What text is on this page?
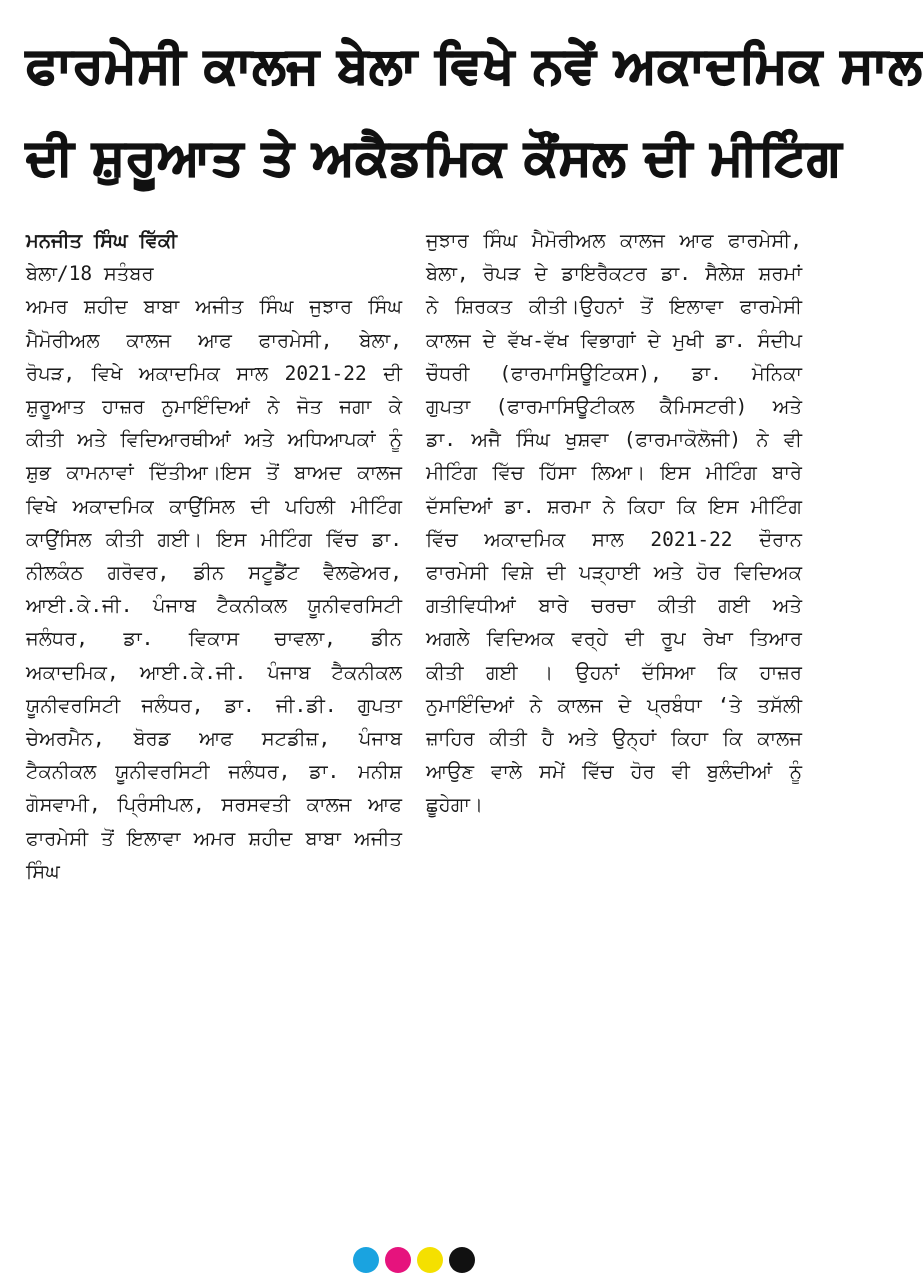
ਫਾਰਮੇਸੀ ਕਾਲਜ ਬੇਲਾ ਵਿਖੇ ਨਵੇਂ ਅਕਾਦਮਿਕ ਸਾਲ
ਦੀ ਸ਼ੁਰੂਆਤ ਤੇ ਅਕੈਡਮਿਕ ਕੌਂਸਲ ਦੀ ਮੀਟਿੰਗ

ਮਨਜੀਤ ਸਿੰਘ ਵਿੱਕੀ

ਬੇਲਾ/18 ਸਤੰਬਰ

ਅਮਰ ਸ਼ਹੀਦ ਬਾਬਾ ਅਜੀਤ ਸਿੰਘ ਜੁਝਾਰ ਸਿੰਘ ਮੈਮੋਰੀਅਲ ਕਾਲਜ ਆਫ ਫਾਰਮੇਸੀ, ਬੇਲਾ, ਰੋਪੜ, ਵਿਖੇ ਅਕਾਦਮਿਕ ਸਾਲ 2021-22 ਦੀ ਸ਼ੁਰੂਆਤ ਹਾਜ਼ਰ ਨੁਮਾਇੰਦਿਆਂ ਨੇ ਜੋਤ ਜਗਾ ਕੇ ਕੀਤੀ ਅਤੇ ਵਿਦਿਆਰਥੀਆਂ ਅਤੇ ਅਧਿਆਪਕਾਂ ਨੂੰ ਸ਼ੁਭ ਕਾਮਨਾਵਾਂ ਦਿੱਤੀਆ।ਇਸ ਤੋਂ ਬਾਅਦ ਕਾਲਜ ਵਿਖੇ ਅਕਾਦਮਿਕ ਕਾਉਂਸਿਲ ਦੀ ਪਹਿਲੀ ਮੀਟਿੰਗ ਕਾਉਂਸਿਲ ਕੀਤੀ ਗਈ। ਇਸ ਮੀਟਿੰਗ ਵਿੱਚ ਡਾ. ਨੀਲਕੰਠ ਗਰੋਵਰ, ਡੀਨ ਸਟੂਡੈਂਟ ਵੈਲਫੇਅਰ, ਆਈ.ਕੇ.ਜੀ. ਪੰਜਾਬ ਟੈਕਨੀਕਲ ਯੂਨੀਵਰਸਿਟੀ ਜਲੰਧਰ, ਡਾ. ਵਿਕਾਸ ਚਾਵਲਾ, ਡੀਨ ਅਕਾਦਮਿਕ, ਆਈ.ਕੇ.ਜੀ. ਪੰਜਾਬ ਟੈਕਨੀਕਲ ਯੂਨੀਵਰਸਿਟੀ ਜਲੰਧਰ, ਡਾ. ਜੀ.ਡੀ. ਗੁਪਤਾ ਚੇਅਰਮੈਨ, ਬੋਰਡ ਆਫ ਸਟਡੀਜ਼, ਪੰਜਾਬ ਟੈਕਨੀਕਲ ਯੂਨੀਵਰਸਿਟੀ ਜਲੰਧਰ, ਡਾ. ਮਨੀਸ਼ ਗੋਸਵਾਮੀ, ਪ੍ਰਿੰਸੀਪਲ, ਸਰਸਵਤੀ ਕਾਲਜ ਆਫ ਫਾਰਮੇਸੀ ਤੋਂ ਇਲਾਵਾ ਅਮਰ ਸ਼ਹੀਦ ਬਾਬਾ ਅਜੀਤ ਸਿੰਘ

ਜੁਝਾਰ ਸਿੰਘ ਮੈਮੋਰੀਅਲ ਕਾਲਜ ਆਫ ਫਾਰਮੇਸੀ, ਬੇਲਾ, ਰੋਪੜ ਦੇ ਡਾਇਰੈਕਟਰ ਡਾ. ਸੈਲੇਸ਼ ਸ਼ਰਮਾਂ ਨੇ ਸ਼ਿਰਕਤ ਕੀਤੀ।ਉਹਨਾਂ ਤੋਂ ਇਲਾਵਾ ਫਾਰਮੇਸੀ ਕਾਲਜ ਦੇ ਵੱਖ-ਵੱਖ ਵਿਭਾਗਾਂ ਦੇ ਮੁਖੀ ਡਾ. ਸੰਦੀਪ ਚੌਧਰੀ (ਫਾਰਮਾਸਿਊਟਿਕਸ), ਡਾ. ਮੋਨਿਕਾ ਗੁਪਤਾ (ਫਾਰਮਾਸਿਊਟੀਕਲ ਕੈਮਿਸਟਰੀ) ਅਤੇ ਡਾ. ਅਜੈ ਸਿੰਘ ਖੁਸ਼ਵਾ (ਫਾਰਮਾਕੋਲੋਜੀ) ਨੇ ਵੀ ਮੀਟਿੰਗ ਵਿੱਚ ਹਿੱਸਾ ਲਿਆ। ਇਸ ਮੀਟਿੰਗ ਬਾਰੇ ਦੱਸਦਿਆਂ ਡਾ. ਸ਼ਰਮਾ ਨੇ ਕਿਹਾ ਕਿ ਇਸ ਮੀਟਿੰਗ ਵਿੱਚ ਅਕਾਦਮਿਕ ਸਾਲ 2021-22 ਦੌਰਾਨ ਫਾਰਮੇਸੀ ਵਿਸ਼ੇ ਦੀ ਪੜ੍ਹਾਈ ਅਤੇ ਹੋਰ ਵਿਦਿਅਕ ਗਤੀਵਿਧੀਆਂ ਬਾਰੇ ਚਰਚਾ ਕੀਤੀ ਗਈ ਅਤੇ ਅਗਲੇ ਵਿਦਿਅਕ ਵਰ੍ਹੇ ਦੀ ਰੂਪ ਰੇਖਾ ਤਿਆਰ ਕੀਤੀ ਗਈ । ਉਹਨਾਂ ਦੱਸਿਆ ਕਿ ਹਾਜ਼ਰ ਨੁਮਾਇੰਦਿਆਂ ਨੇ ਕਾਲਜ ਦੇ ਪ੍ਰਬੰਧਾ ‘ਤੇ ਤਸੱਲੀ ਜ਼ਾਹਿਰ ਕੀਤੀ ਹੈ ਅਤੇ ਉਨ੍ਹਾਂ ਕਿਹਾ ਕਿ ਕਾਲਜ ਆਉਣ ਵਾਲੇ ਸਮੇਂ ਵਿੱਚ ਹੋਰ ਵੀ ਬੁਲੰਦੀਆਂ ਨੂੰ ਛੂਹੇਗਾ।
